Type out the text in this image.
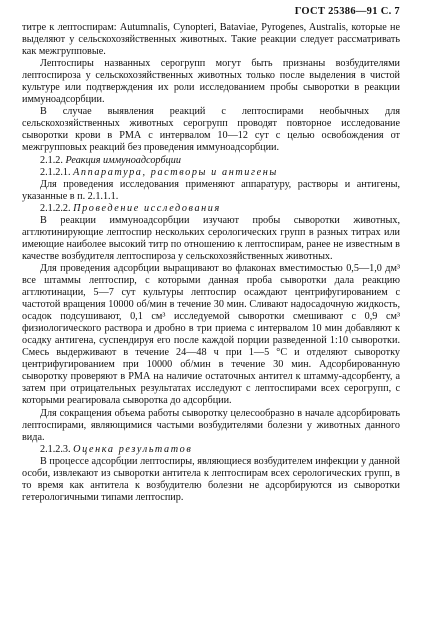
ГОСТ 25386—91 С. 7

титре к лептоспирам: Autumnalis, Cynopteri, Bataviae, Pyrogenes, Australis, которые не выделяют у сельскохозяйственных животных. Такие реакции следует рассматривать как межгрупповые.

Лептоспиры названных серогрупп могут быть признаны возбудителями лептоспироза у сельскохозяйственных животных только после выделения в чистой культуре или подтверждения их роли исследованием пробы сыворотки в реакции иммуноадсорбции.

В случае выявления реакций с лептоспирами необычных для сельскохозяйственных животных серогрупп проводят повторное исследование сыворотки крови в РМА с интервалом 10—12 сут с целью освобождения от межгрупповых реакций без проведения иммуноадсорбции.

2.1.2. Реакция иммуноадсорбции

2.1.2.1. Аппаратура, растворы и антигены

Для проведения исследования применяют аппаратуру, растворы и антигены, указанные в п. 2.1.1.1.

2.1.2.2. Проведение исследования

В реакции иммуноадсорбции изучают пробы сыворотки животных, агглютинирующие лептоспир нескольких серологических групп в разных титрах или имеющие наиболее высокий титр по отношению к лептоспирам, ранее не известным в качестве возбудителя лептоспироза у сельскохозяйственных животных.

Для проведения адсорбции выращивают во флаконах вместимостью 0,5—1,0 дм³ все штаммы лептоспир, с которыми данная проба сыворотки дала реакцию агглютинации, 5—7 сут культуры лептоспир осаждают центрифугированием с частотой вращения 10000 об/мин в течение 30 мин. Сливают надосадочную жидкость, осадок подсушивают, 0,1 см³ исследуемой сыворотки смешивают с 0,9 см³ физиологического раствора и дробно в три приема с интервалом 10 мин добавляют к осадку антигена, суспендируя его после каждой порции разведенной 1:10 сыворотки. Смесь выдерживают в течение 24—48 ч при 1—5 °С и отделяют сыворотку центрифугированием при 10000 об/мин в течение 30 мин. Адсорбированную сыворотку проверяют в РМА на наличие остаточных антител к штамму-адсорбенту, а затем при отрицательных результатах исследуют с лептоспирами всех серогрупп, с которыми реагировала сыворотка до адсорбции.

Для сокращения объема работы сыворотку целесообразно в начале адсорбировать лептоспирами, являющимися частыми возбудителями болезни у животных данного вида.

2.1.2.3. Оценка результатов

В процессе адсорбции лептоспиры, являющиеся возбудителем инфекции у данной особи, извлекают из сыворотки антитела к лептоспирам всех серологических групп, в то время как антитела к возбудителю болезни не адсорбируются из сыворотки гетерологичными типами лептоспир.
